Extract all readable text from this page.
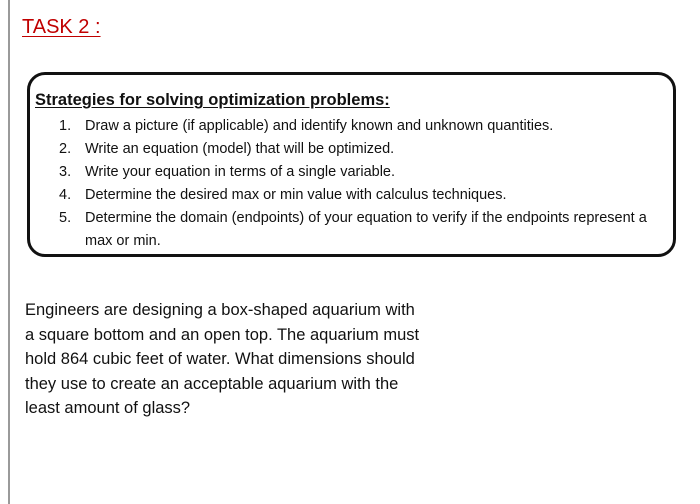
TASK 2 :
Strategies for solving optimization problems:
1. Draw a picture (if applicable) and identify known and unknown quantities.
2. Write an equation (model) that will be optimized.
3. Write your equation in terms of a single variable.
4. Determine the desired max or min value with calculus techniques.
5. Determine the domain (endpoints) of your equation to verify if the endpoints represent a max or min.
Engineers are designing a box-shaped aquarium with a square bottom and an open top. The aquarium must hold 864 cubic feet of water. What dimensions should they use to create an acceptable aquarium with the least amount of glass?
